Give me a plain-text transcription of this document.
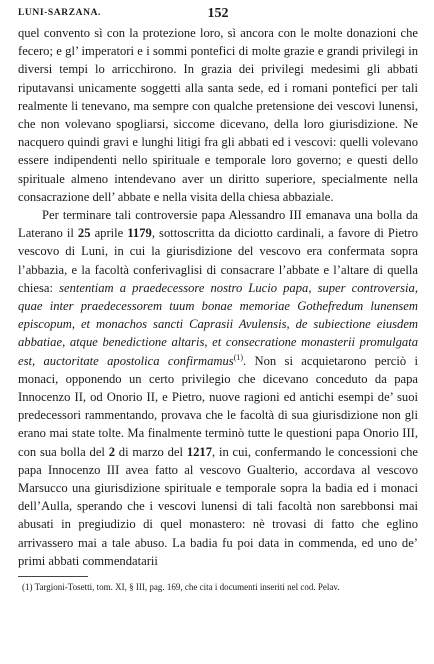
LUNI-SARZANA.	152

quel convento sì con la protezione loro, sì ancora con le molte donazioni che fecero; e gl’ imperatori e i sommi pontefici di molte grazie e grandi privilegi in diversi tempi lo arricchirono. In grazia dei privilegi medesimi gli abbati riputavansi unicamente soggetti alla santa sede, ed i romani pontefici per tali realmente li tenevano, ma sempre con qualche pretensione dei vescovi lunensi, che non volevano spogliarsi, siccome dicevano, della loro giurisdizione. Ne nacquero quindi gravi e lunghi litigi fra gli abbati ed i vescovi: quelli volevano essere indipendenti nello spirituale e temporale loro governo; e questi dello spirituale almeno intendevano aver un diritto superiore, specialmente nella consacrazione dell’ abbate e nella visita della chiesa abbaziale.

Per terminare tali controversie papa Alessandro III emanava una bolla da Laterano il 25 aprile 1179, sottoscritta da diciotto cardinali, a favore di Pietro vescovo di Luni, in cui la giurisdizione del vescovo era confermata sopra l’abbazia, e la facoltà conferivaglisi di consacrare l’abbate e l’altare di quella chiesa: sententiam a praedecessore nostro Lucio papa, super controversia, quae inter praedecessorem tuum bonae memoriae Gothefredum lunensem episcopum, et monachos sancti Caprasii Avulensis, de subiectione eiusdem abbatiae, atque benedictione altaris, et consecratione monasterii promulgata est, auctoritate apostolica confirmamus$^{(1)}$. Non si acquietarono perciò i monaci, opponendo un certo privilegio che dicevano conceduto da papa Innocenzo II, od Onorio II, e Pietro, nuove ragioni ed antichi esempi de’ suoi predecessori rammentando, provava che le facoltà di sua giurisdizione non gli erano mai state tolte. Ma finalmente terminò tutte le questioni papa Onorio III, con sua bolla del 2 di marzo del 1217, in cui, confermando le concessioni che papa Innocenzo III avea fatto al vescovo Gualterio, accordava al vescovo Marsucco una giurisdizione spirituale e temporale sopra la badia ed i monaci dell’Aulla, sperando che i vescovi lunensi di tali facoltà non sarebbonsi mai abusati in pregiudizio di quel monastero: nè trovasi di fatto che eglino arrivassero mai a tale abuso. La badia fu poi data in commenda, ed uno de’ primi abbati commendatarii

(1) Targioni-Tosetti, tom. XI, § III, pag. 169, che cita i documenti inseriti nel cod. Pelav.
